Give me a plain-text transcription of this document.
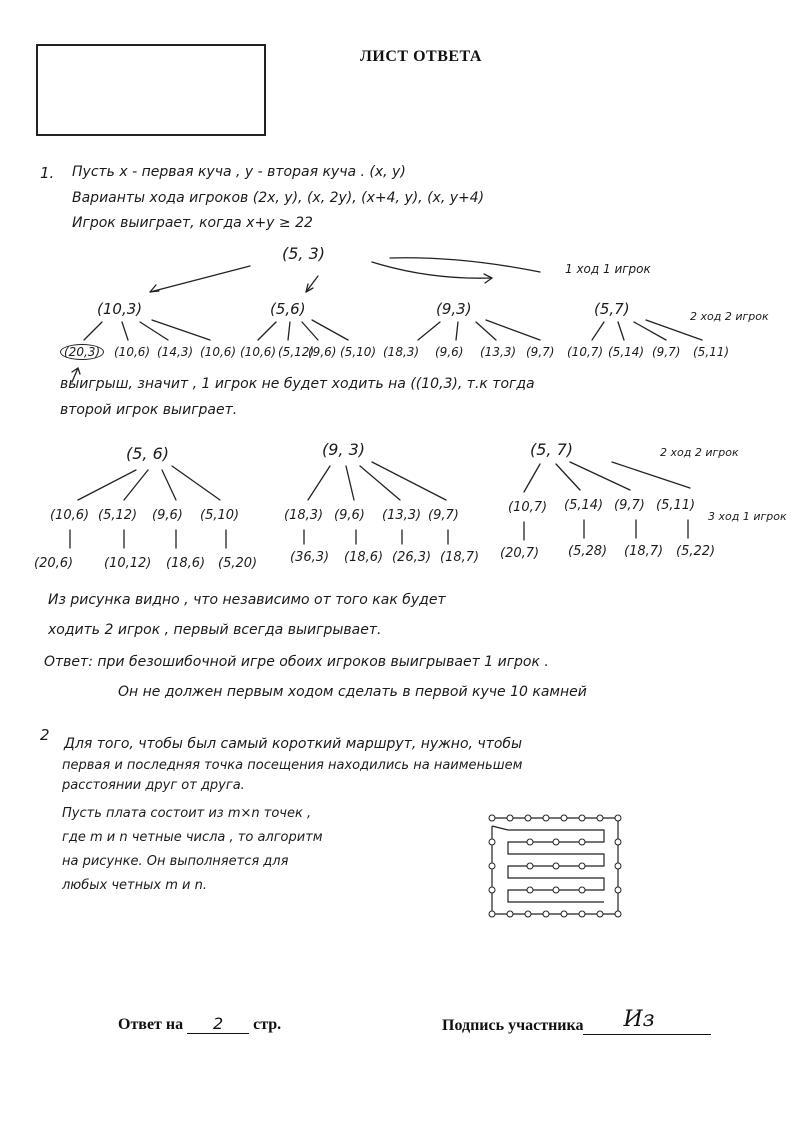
ЛИСТ ОТВЕТА
1. Пусть х - первая куча , у - вторая куча . (х, у)
Варианты хода игроков (2х, у), (х, 2у), (х+4, у), (х, у+4)
Игрок выиграет, когда х+у ≥ 22
(5, 3)
1 ход 1 игрок
2 ход 2 игрок
(10,3)	(5,6)	(9,3)	(5,7)
(20,3)	(10,6) (14,3) (10,6) (10,6) (5,12)
(9,6) (5,10) (18,3) (9,6) (13,3) (9,7) (10,7) (5,14) (9,7) (5,11)
выигрыш, значит , 1 игрок не будет ходить на ((10,3), т.к тогда
второй игрок выиграет.
(5, 6)	(9, 3)	(5, 7)	2 ход 2 игрок
3 ход 1 игрок
(10,6) (5,12) (9,6) (5,10)	(18,3) (9,6) (13,3) (9,7)
(10,7) (5,14) (9,7) (5,11)
(20,6) (10,12) (18,6) (5,20)	(36,3) (18,6) (26,3) (18,7) (20,7) (5,28) (18,7) (5,22)
Из рисунка видно , что независимо от того как будет
ходить 2 игрок , первый всегда выигрывает.
Ответ: при безошибочной игре обоих игроков выигрывает 1 игрок .
Он не должен первым ходом сделать в первой куче 10 камней
2 Для того, чтобы был самый короткий маршрут, нужно, чтобы
первая и последняя точка посещения находились на наименьшем
расстоянии друг от друга.
Пусть плата состоит из m×n точек ,
где m и n четные числа , то алгоритм
на рисунке. Он выполняется для
любых четных m и n.
Ответ на 2 стр.	Подпись участника Из
